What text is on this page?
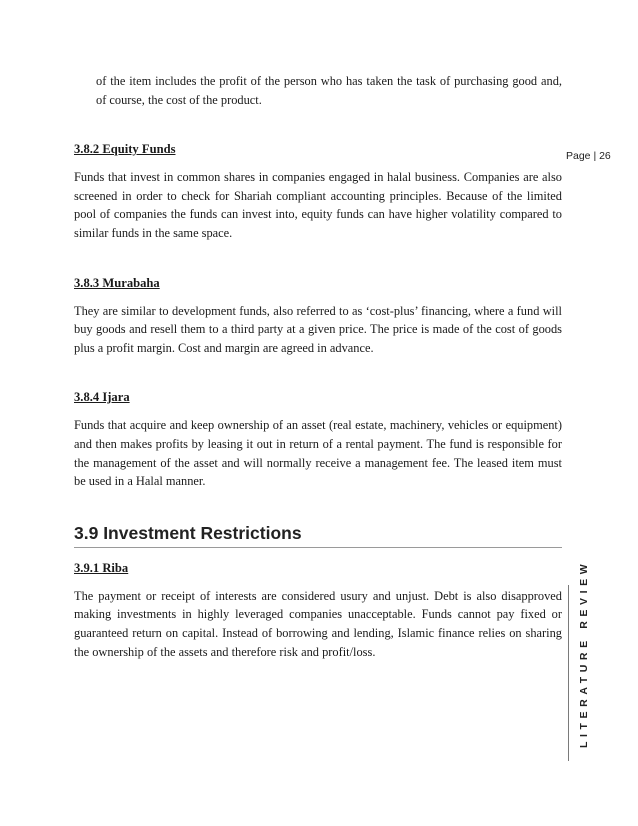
Page | 26
LITERATURE REVIEW

of the item includes the profit of the person who has taken the task of purchasing good and, of course, the cost of the product.

3.8.2 Equity Funds

Funds that invest in common shares in companies engaged in halal business. Companies are also screened in order to check for Shariah compliant accounting principles. Because of the limited pool of companies the funds can invest into, equity funds can have higher volatility compared to similar funds in the same space.

3.8.3 Murabaha

They are similar to development funds, also referred to as ‘cost-plus’ financing, where a fund will buy goods and resell them to a third party at a given price. The price is made of the cost of goods plus a profit margin. Cost and margin are agreed in advance.

3.8.4 Ijara

Funds that acquire and keep ownership of an asset (real estate, machinery, vehicles or equipment) and then makes profits by leasing it out in return of a rental payment. The fund is responsible for the management of the asset and will normally receive a management fee. The leased item must be used in a Halal manner.

3.9 Investment Restrictions

3.9.1 Riba

The payment or receipt of interests are considered usury and unjust. Debt is also disapproved making investments in highly leveraged companies unacceptable. Funds cannot pay fixed or guaranteed return on capital. Instead of borrowing and lending, Islamic finance relies on sharing the ownership of the assets and therefore risk and profit/loss.
